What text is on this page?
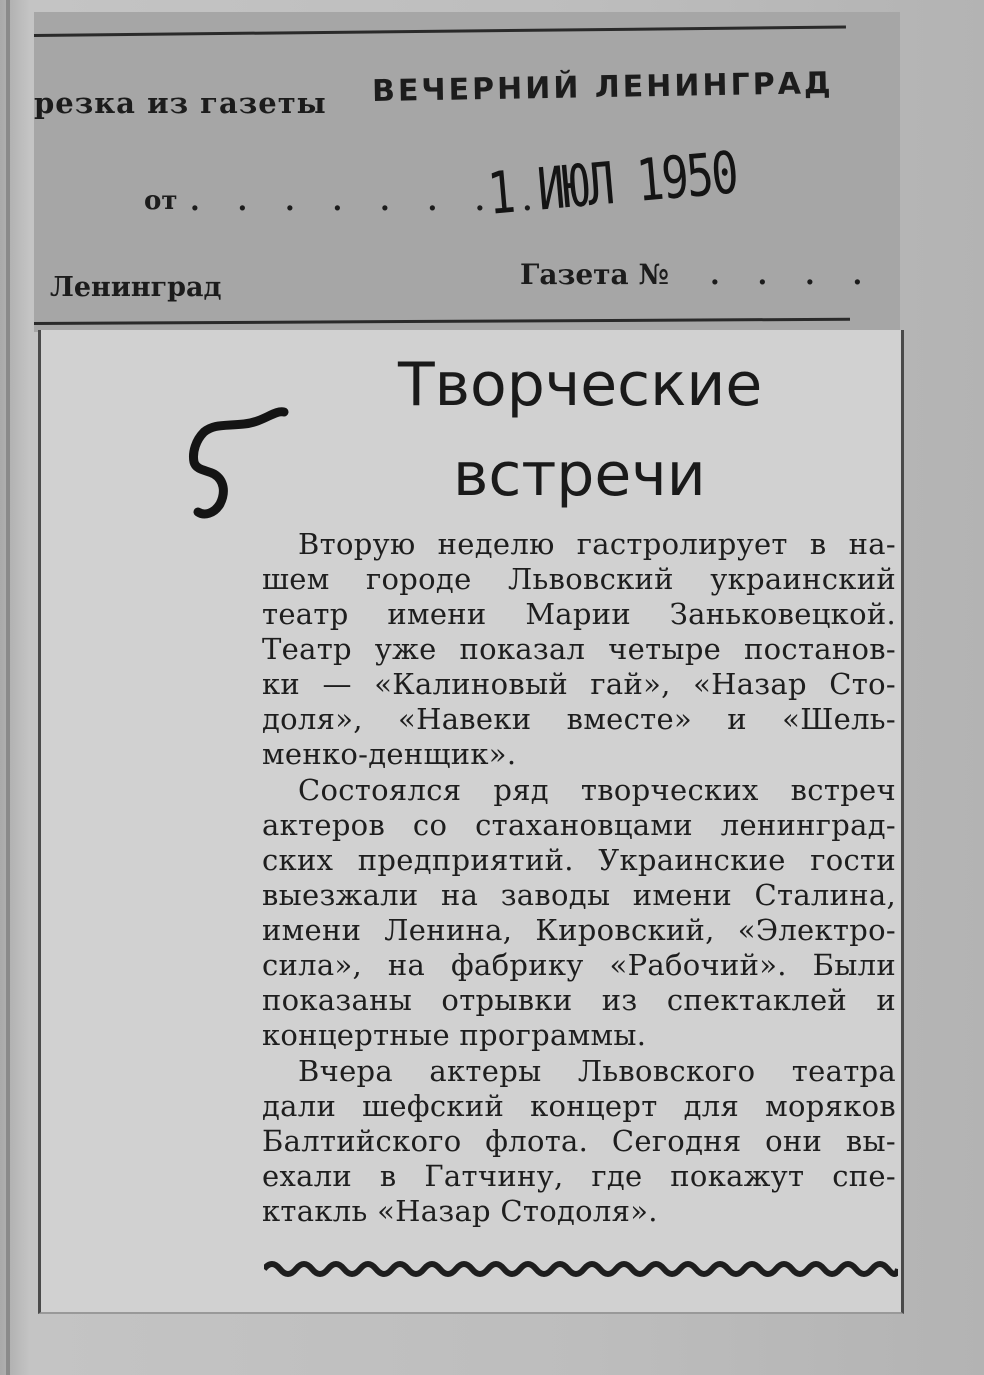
резка из газеты ВЕЧЕРНИЙ ЛЕНИНГРАД
от . . . . . . . .
1 ИЮЛ 1950
Ленинград	Газета № . . . .
Творческие
встречи
Вторую неделю гастролирует в на-
шем городе Львовский украинский
театр имени Марии Заньковецкой.
Театр уже показал четыре постанов-
ки — «Калиновый гай», «Назар Сто-
доля», «Навеки вместе» и «Шель-
менко-денщик».
Состоялся ряд творческих встреч
актеров со стахановцами ленинград-
ских предприятий. Украинские гости
выезжали на заводы имени Сталина,
имени Ленина, Кировский, «Электро-
сила», на фабрику «Рабочий». Были
показаны отрывки из спектаклей и
концертные программы.
Вчера актеры Львовского театра
дали шефский концерт для моряков
Балтийского флота. Сегодня они вы-
ехали в Гатчину, где покажут спе-
ктакль «Назар Стодоля».
